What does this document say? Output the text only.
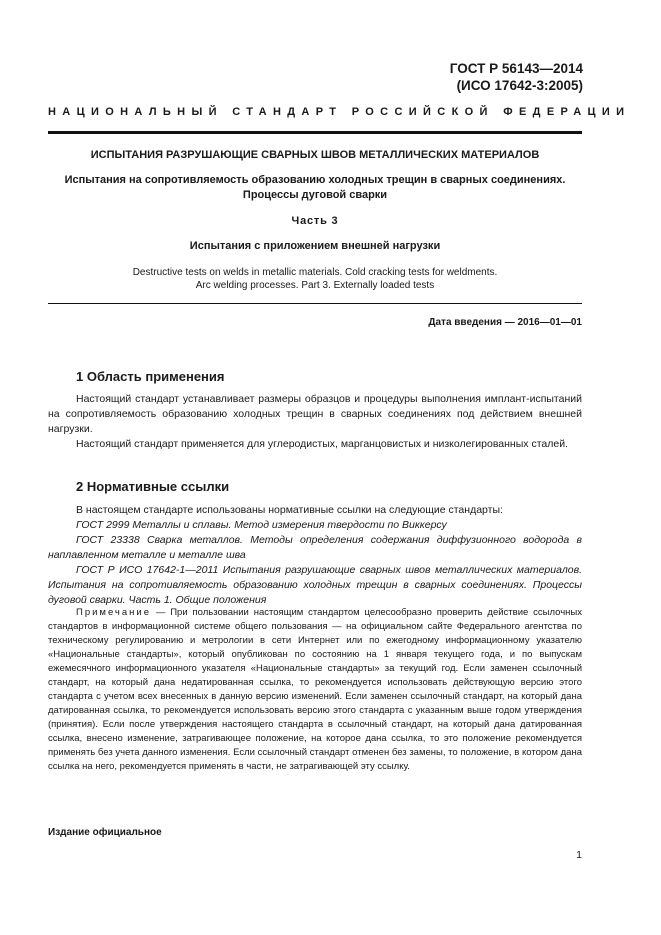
ГОСТ Р 56143—2014
(ИСО 17642-3:2005)
НАЦИОНАЛЬНЫЙ СТАНДАРТ РОССИЙСКОЙ ФЕДЕРАЦИИ
ИСПЫТАНИЯ РАЗРУШАЮЩИЕ СВАРНЫХ ШВОВ МЕТАЛЛИЧЕСКИХ МАТЕРИАЛОВ
Испытания на сопротивляемость образованию холодных трещин в сварных соединениях.
Процессы дуговой сварки
Часть 3
Испытания с приложением внешней нагрузки
Destructive tests on welds in metallic materials. Cold cracking tests for weldments.
Arc welding processes. Part 3. Externally loaded tests
Дата введения — 2016—01—01
1 Область применения

Настоящий стандарт устанавливает размеры образцов и процедуры выполнения имплант-испытаний на сопротивляемость образованию холодных трещин в сварных соединениях под действием внешней нагрузки.

Настоящий стандарт применяется для углеродистых, марганцовистых и низколегированных сталей.

2 Нормативные ссылки

В настоящем стандарте использованы нормативные ссылки на следующие стандарты:

ГОСТ 2999 Металлы и сплавы. Метод измерения твердости по Виккерсу

ГОСТ 23338 Сварка металлов. Методы определения содержания диффузионного водорода в наплавленном металле и металле шва

ГОСТ Р ИСО 17642-1—2011 Испытания разрушающие сварных швов металлических материалов. Испытания на сопротивляемость образованию холодных трещин в сварных соединениях. Процессы дуговой сварки. Часть 1. Общие положения

Примечание — При пользовании настоящим стандартом целесообразно проверить действие ссылочных стандартов в информационной системе общего пользования — на официальном сайте Федерального агентства по техническому регулированию и метрологии в сети Интернет или по ежегодному информационному указателю «Национальные стандарты», который опубликован по состоянию на 1 января текущего года, и по выпускам ежемесячного информационного указателя «Национальные стандарты» за текущий год. Если заменен ссылочный стандарт, на который дана недатированная ссылка, то рекомендуется использовать действующую версию этого стандарта с учетом всех внесенных в данную версию изменений. Если заменен ссылочный стандарт, на который дана датированная ссылка, то рекомендуется использовать версию этого стандарта с указанным выше годом утверждения (принятия). Если после утверждения настоящего стандарта в ссылочный стандарт, на который дана датированная ссылка, внесено изменение, затрагивающее положение, на которое дана ссылка, то это положение рекомендуется применять без учета данного изменения. Если ссылочный стандарт отменен без замены, то положение, в котором дана ссылка на него, рекомендуется применять в части, не затрагивающей эту ссылку.

Издание официальное
1
